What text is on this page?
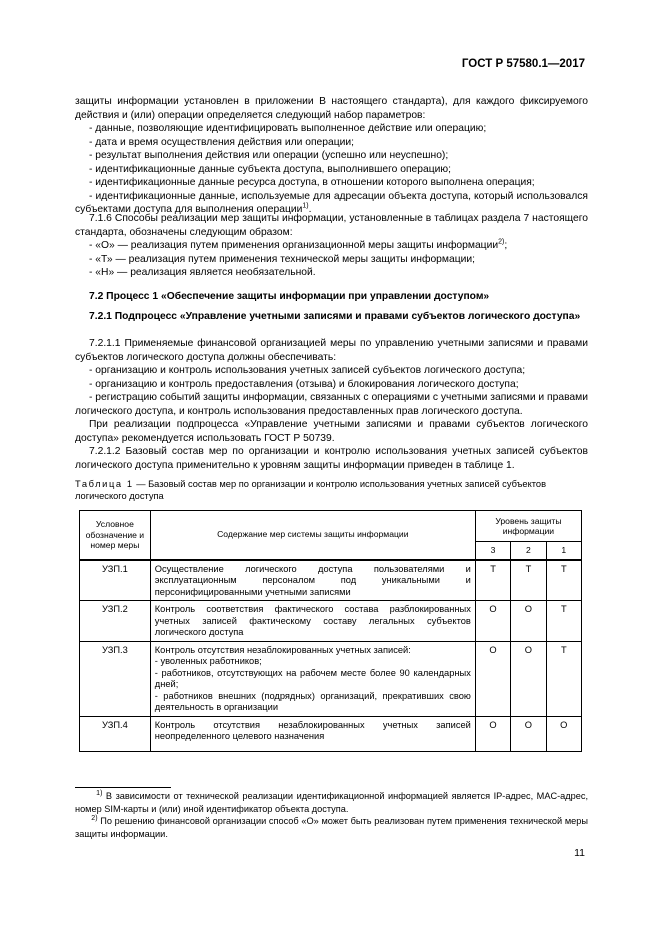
ГОСТ Р 57580.1—2017
защиты информации установлен в приложении В настоящего стандарта), для каждого фиксируемого действия и (или) операции определяется следующий набор параметров:
- данные, позволяющие идентифицировать выполненное действие или операцию;
- дата и время осуществления действия или операции;
- результат выполнения действия или операции (успешно или неуспешно);
- идентификационные данные субъекта доступа, выполнившего операцию;
- идентификационные данные ресурса доступа, в отношении которого выполнена операция;
- идентификационные данные, используемые для адресации объекта доступа, который использовался субъектами доступа для выполнения операции$^{1)}$.
7.1.6 Способы реализации мер защиты информации, установленные в таблицах раздела 7 настоящего стандарта, обозначены следующим образом:
- «О» — реализация путем применения организационной меры защиты информации$^{2)}$;
- «Т» — реализация путем применения технической меры защиты информации;
- «Н» — реализация является необязательной.
7.2 Процесс 1 «Обеспечение защиты информации при управлении доступом»
7.2.1 Подпроцесс «Управление учетными записями и правами субъектов логического доступа»
7.2.1.1 Применяемые финансовой организацией меры по управлению учетными записями и правами субъектов логического доступа должны обеспечивать:
- организацию и контроль использования учетных записей субъектов логического доступа;
- организацию и контроль предоставления (отзыва) и блокирования логического доступа;
- регистрацию событий защиты информации, связанных с операциями с учетными записями и правами логического доступа, и контроль использования предоставленных прав логического доступа.
При реализации подпроцесса «Управление учетными записями и правами субъектов логического доступа» рекомендуется использовать ГОСТ Р 50739.
7.2.1.2 Базовый состав мер по организации и контролю использования учетных записей субъектов логического доступа применительно к уровням защиты информации приведен в таблице 1.
Таблица 1 — Базовый состав мер по организации и контролю использования учетных записей субъектов логического доступа
Условное обозначение и номер меры	Содержание мер системы защиты информации	Уровень защиты информации		
		3	2	1
УЗП.1	Осуществление логического доступа пользователями и эксплуатационным персоналом под уникальными и персонифицированными учетными записями	Т	Т	Т
УЗП.2	Контроль соответствия фактического состава разблокированных учетных записей фактическому составу легальных субъектов логического доступа	О	О	Т
УЗП.3	Контроль отсутствия незаблокированных учетных записей:
- уволенных работников;
- работников, отсутствующих на рабочем месте более 90 календарных дней;
- работников внешних (подрядных) организаций, прекративших свою деятельность в организации	О	О	Т
УЗП.4	Контроль отсутствия незаблокированных учетных записей неопределенного целевого назначения	О	О	О
$^{1)}$ В зависимости от технической реализации идентификационной информацией является IP-адрес, MAC-адрес, номер SIM-карты и (или) иной идентификатор объекта доступа.
$^{2)}$ По решению финансовой организации способ «О» может быть реализован путем применения технической меры защиты информации.
11
